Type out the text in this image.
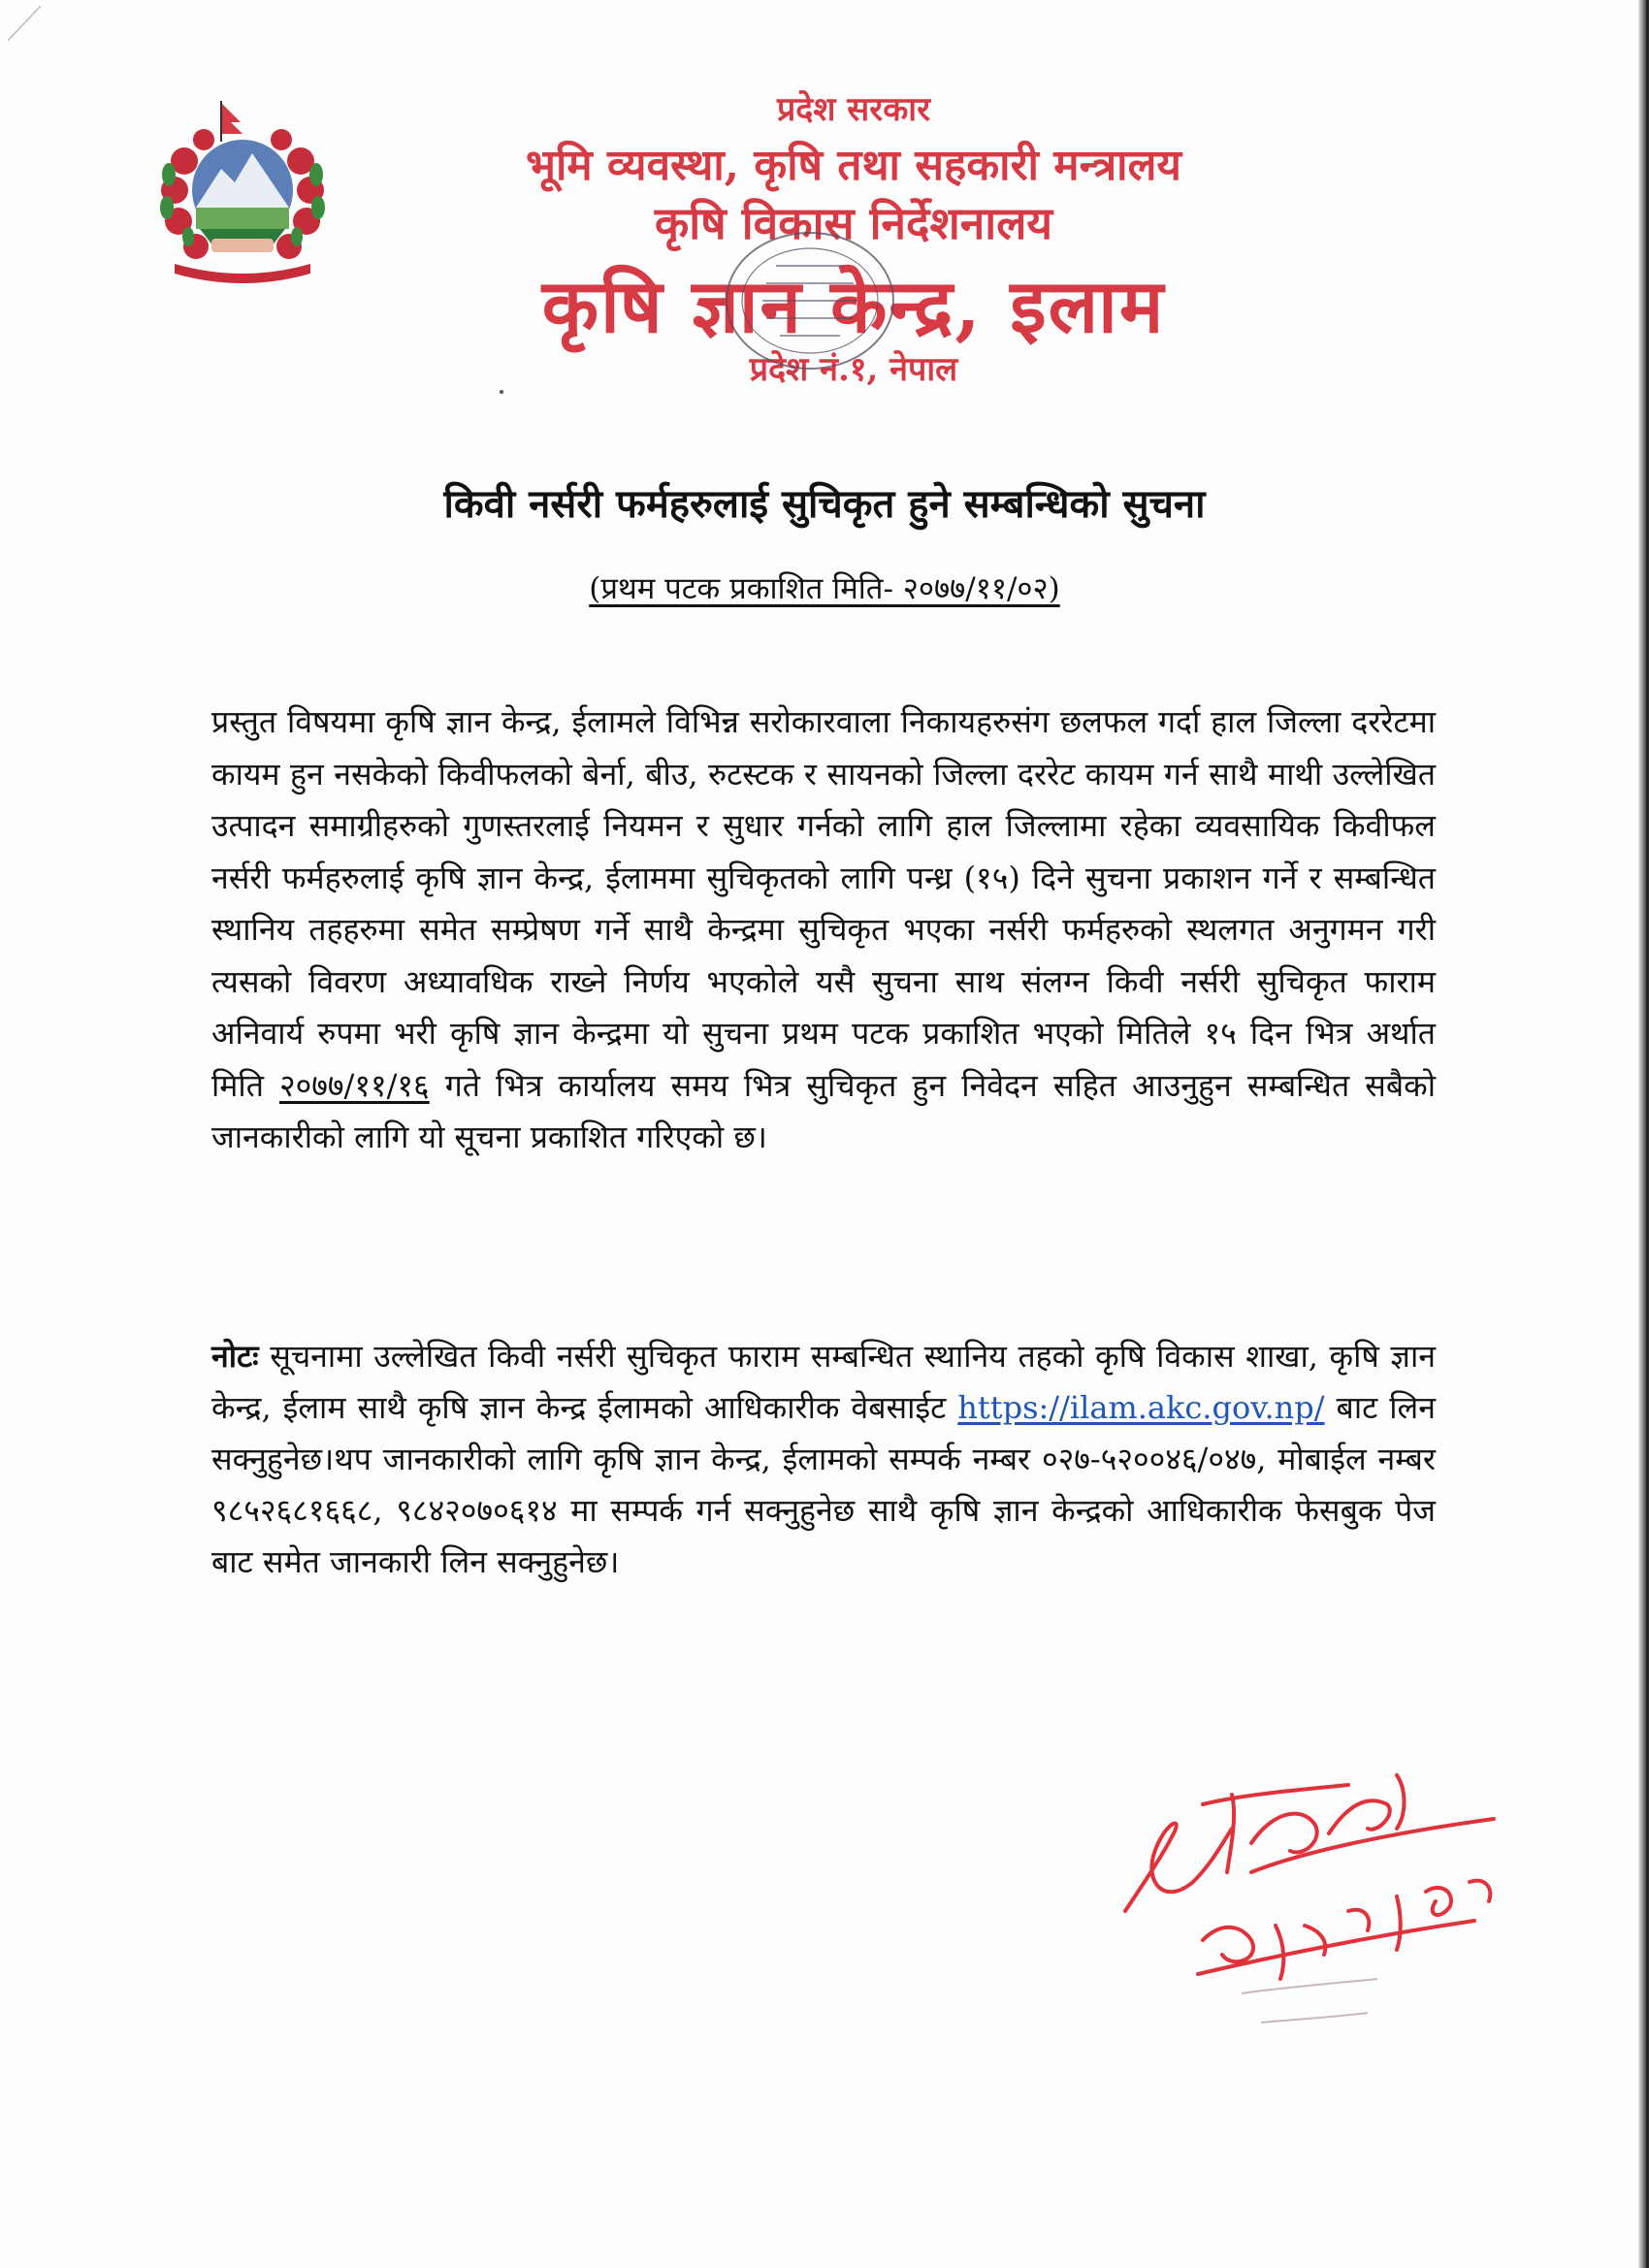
प्रदेश सरकार
भूमि व्यवस्था, कृषि तथा सहकारी मन्त्रालय
कृषि विकास निर्देशनालय
कृषि ज्ञान केन्द्र, इलाम
प्रदेश नं.१, नेपाल
किवी नर्सरी फर्महरुलाई सुचिकृत हुने सम्बन्धिको सुचना
(प्रथम पटक प्रकाशित मिति- २०७७/११/०२)
प्रस्तुत विषयमा कृषि ज्ञान केन्द्र, ईलामले विभिन्न सरोकारवाला निकायहरुसंग छलफल गर्दा हाल जिल्ला दररेटमा कायम हुन नसकेको किवीफलको बेर्ना, बीउ, रुटस्टक र सायनको जिल्ला दररेट कायम गर्न साथै माथी उल्लेखित उत्पादन समाग्रीहरुको गुणस्तरलाई नियमन र सुधार गर्नको लागि हाल जिल्लामा रहेका व्यवसायिक किवीफल नर्सरी फर्महरुलाई कृषि ज्ञान केन्द्र, ईलाममा सुचिकृतको लागि पन्ध्र (१५) दिने सुचना प्रकाशन गर्ने र सम्बन्धित स्थानिय तहहरुमा समेत सम्प्रेषण गर्ने साथै केन्द्रमा सुचिकृत भएका नर्सरी फर्महरुको स्थलगत अनुगमन गरी त्यसको विवरण अध्यावधिक राख्ने निर्णय भएकोले यसै सुचना साथ संलग्न किवी नर्सरी सुचिकृत फाराम अनिवार्य रुपमा भरी कृषि ज्ञान केन्द्रमा यो सुचना प्रथम पटक प्रकाशित भएको मितिले १५ दिन भित्र अर्थात मिति २०७७/११/१६ गते भित्र कार्यालय समय भित्र सुचिकृत हुन निवेदन सहित आउनुहुन सम्बन्धित सबैको जानकारीको लागि यो सूचना प्रकाशित गरिएको छ।
नोटः सूचनामा उल्लेखित किवी नर्सरी सुचिकृत फाराम सम्बन्धित स्थानिय तहको कृषि विकास शाखा, कृषि ज्ञान केन्द्र, ईलाम साथै कृषि ज्ञान केन्द्र ईलामको आधिकारीक वेबसाईट https://ilam.akc.gov.np/ बाट लिन सक्नुहुनेछ।थप जानकारीको लागि कृषि ज्ञान केन्द्र, ईलामको सम्पर्क नम्बर ०२७-५२००४६/०४७, मोबाईल नम्बर ९८५२६८१६६८, ९८४२०७०६१४ मा सम्पर्क गर्न सक्नुहुनेछ साथै कृषि ज्ञान केन्द्रको आधिकारीक फेसबुक पेज बाट समेत जानकारी लिन सक्नुहुनेछ।
